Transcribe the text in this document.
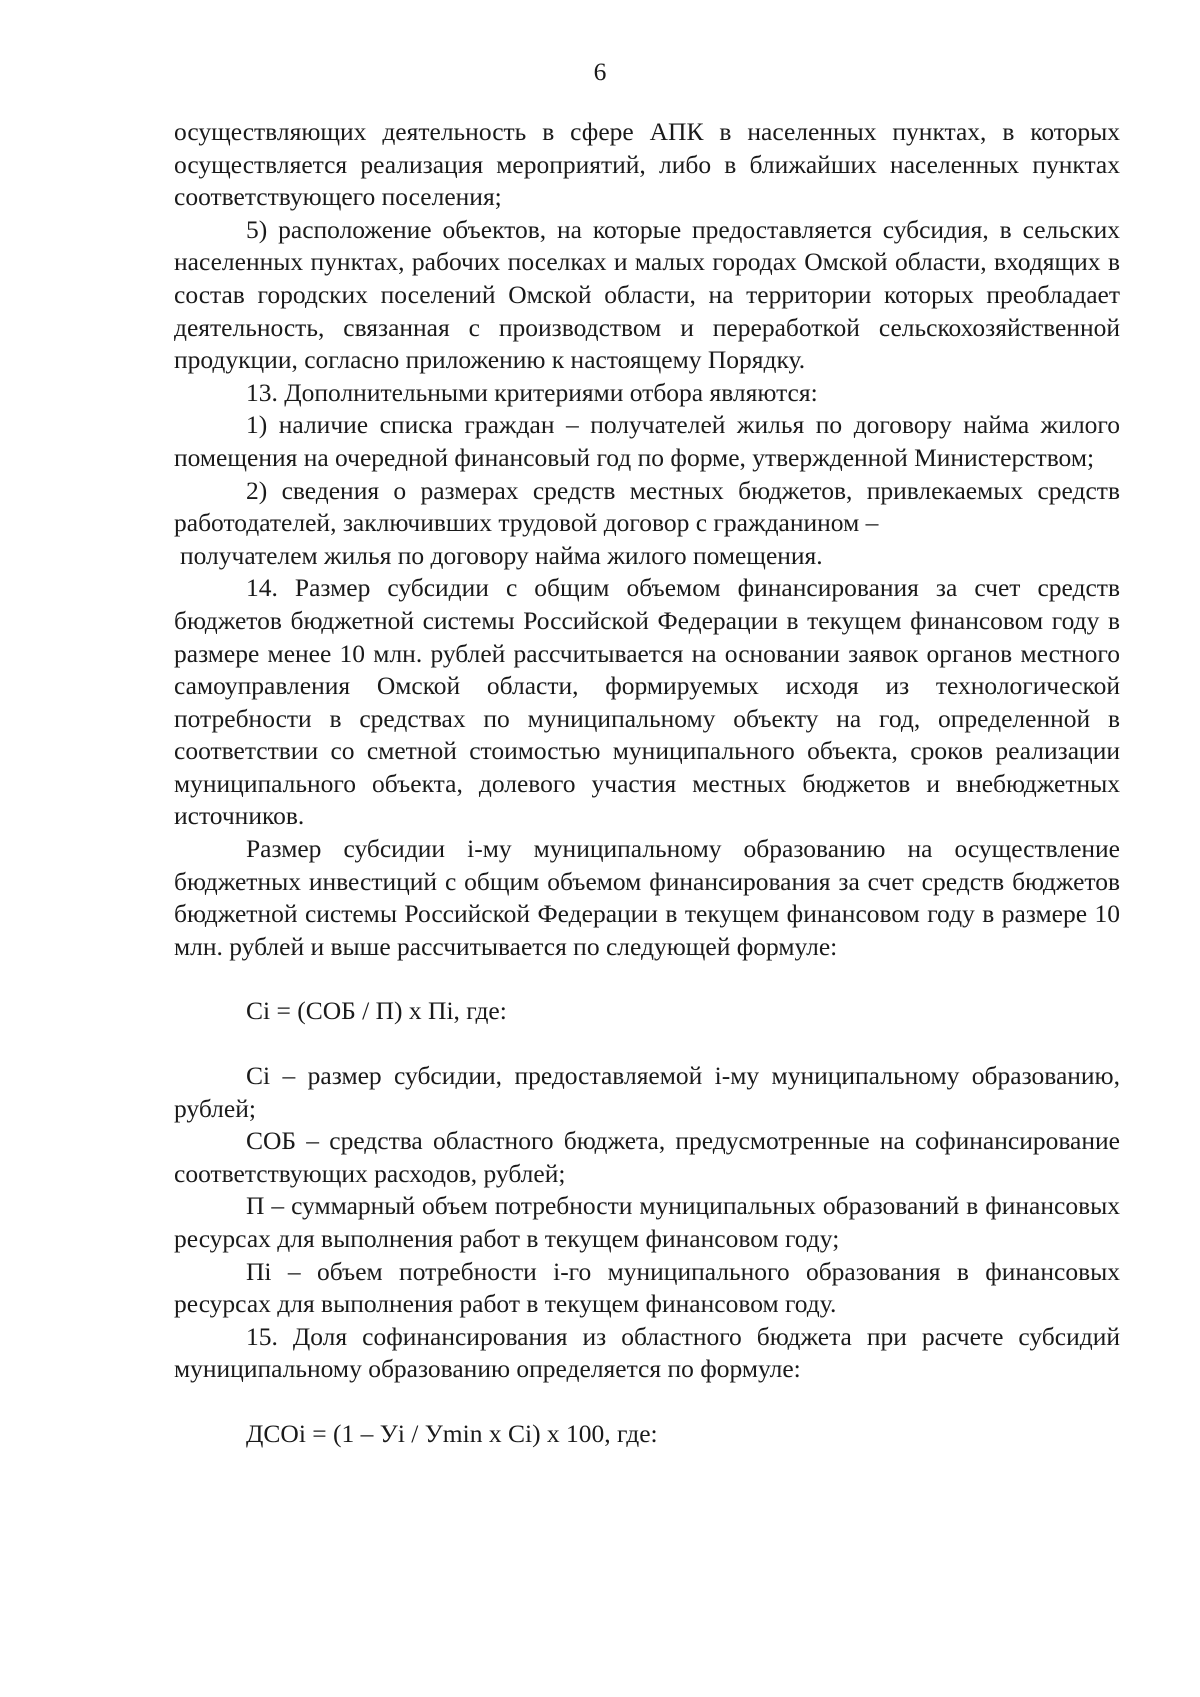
6

осуществляющих деятельность в сфере АПК в населенных пунктах, в которых осуществляется реализация мероприятий, либо в ближайших населенных пунктах соответствующего поселения;

5) расположение объектов, на которые предоставляется субсидия, в сельских населенных пунктах, рабочих поселках и малых городах Омской области, входящих в состав городских поселений Омской области, на территории которых преобладает деятельность, связанная с производством и переработкой сельскохозяйственной продукции, согласно приложению к настоящему Порядку.

13. Дополнительными критериями отбора являются:

1) наличие списка граждан – получателей жилья по договору найма жилого помещения на очередной финансовый год по форме, утвержденной Министерством;

2) сведения о размерах средств местных бюджетов, привлекаемых средств работодателей, заключивших трудовой договор с гражданином –

получателем жилья по договору найма жилого помещения.

14. Размер субсидии с общим объемом финансирования за счет средств бюджетов бюджетной системы Российской Федерации в текущем финансовом году в размере менее 10 млн. рублей рассчитывается на основании заявок органов местного самоуправления Омской области, формируемых исходя из технологической потребности в средствах по муниципальному объекту на год, определенной в соответствии со сметной стоимостью муниципального объекта, сроков реализации муниципального объекта, долевого участия местных бюджетов и внебюджетных источников.

Размер субсидии i-му муниципальному образованию на осуществление бюджетных инвестиций с общим объемом финансирования за счет средств бюджетов бюджетной системы Российской Федерации в текущем финансовом году в размере 10 млн. рублей и выше рассчитывается по следующей формуле:

Ci = (СОБ / П) x Пi, где:

Ci – размер субсидии, предоставляемой i-му муниципальному образованию, рублей;

СОБ – средства областного бюджета, предусмотренные на софинансирование соответствующих расходов, рублей;

П – суммарный объем потребности муниципальных образований в финансовых ресурсах для выполнения работ в текущем финансовом году;

Пi – объем потребности i-го муниципального образования в финансовых ресурсах для выполнения работ в текущем финансовом году.

15. Доля софинансирования из областного бюджета при расчете субсидий муниципальному образованию определяется по формуле:

ДСОi = (1 – Уi / Уmin x Ci) x 100, где:
